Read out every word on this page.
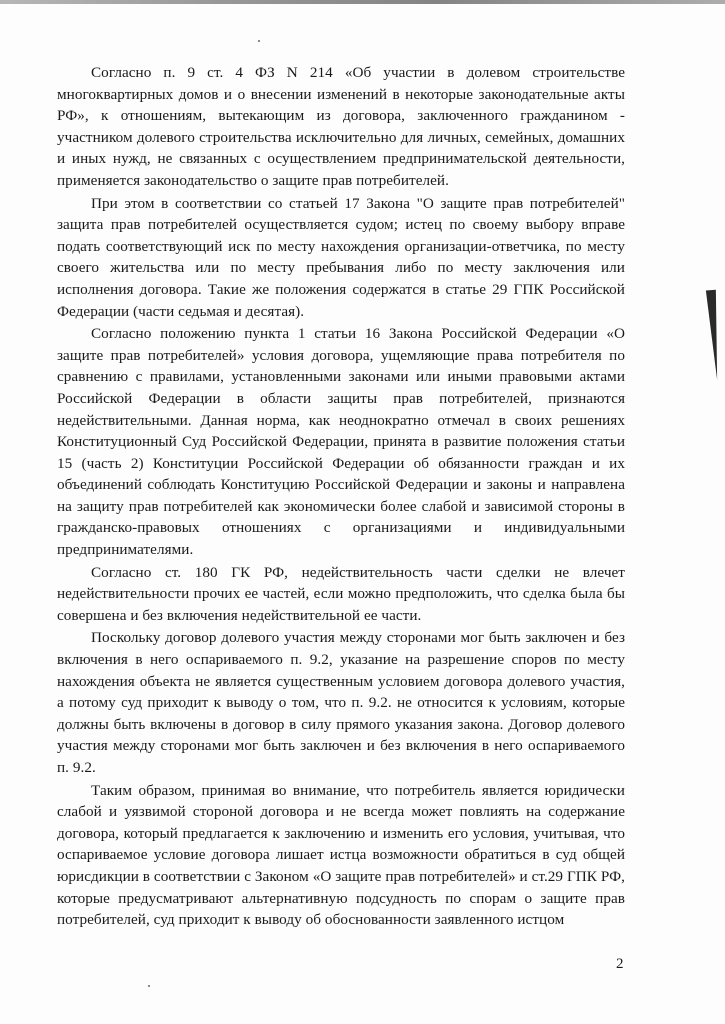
Согласно п. 9 ст. 4 ФЗ N 214 «Об участии в долевом строительстве многоквартирных домов и о внесении изменений в некоторые законодательные акты РФ», к отношениям, вытекающим из договора, заключенного гражданином - участником долевого строительства исключительно для личных, семейных, домашних и иных нужд, не связанных с осуществлением предпринимательской деятельности, применяется законодательство о защите прав потребителей.

При этом в соответствии со статьей 17 Закона "О защите прав потребителей" защита прав потребителей осуществляется судом; истец по своему выбору вправе подать соответствующий иск по месту нахождения организации-ответчика, по месту своего жительства или по месту пребывания либо по месту заключения или исполнения договора. Такие же положения содержатся в статье 29 ГПК Российской Федерации (части седьмая и десятая).

Согласно положению пункта 1 статьи 16 Закона Российской Федерации «О защите прав потребителей» условия договора, ущемляющие права потребителя по сравнению с правилами, установленными законами или иными правовыми актами Российской Федерации в области защиты прав потребителей, признаются недействительными. Данная норма, как неоднократно отмечал в своих решениях Конституционный Суд Российской Федерации, принята в развитие положения статьи 15 (часть 2) Конституции Российской Федерации об обязанности граждан и их объединений соблюдать Конституцию Российской Федерации и законы и направлена на защиту прав потребителей как экономически более слабой и зависимой стороны в гражданско-правовых отношениях с организациями и индивидуальными предпринимателями.

Согласно ст. 180 ГК РФ, недействительность части сделки не влечет недействительности прочих ее частей, если можно предположить, что сделка была бы совершена и без включения недействительной ее части.

Поскольку договор долевого участия между сторонами мог быть заключен и без включения в него оспариваемого п. 9.2, указание на разрешение споров по месту нахождения объекта не является существенным условием договора долевого участия, а потому суд приходит к выводу о том, что п. 9.2. не относится к условиям, которые должны быть включены в договор в силу прямого указания закона. Договор долевого участия между сторонами мог быть заключен и без включения в него оспариваемого п. 9.2.

Таким образом, принимая во внимание, что потребитель является юридически слабой и уязвимой стороной договора и не всегда может повлиять на содержание договора, который предлагается к заключению и изменить его условия, учитывая, что оспариваемое условие договора лишает истца возможности обратиться в суд общей юрисдикции в соответствии с Законом «О защите прав потребителей» и ст.29 ГПК РФ, которые предусматривают альтернативную подсудность по спорам о защите прав потребителей, суд приходит к выводу об обоснованности заявленного истцом

2
